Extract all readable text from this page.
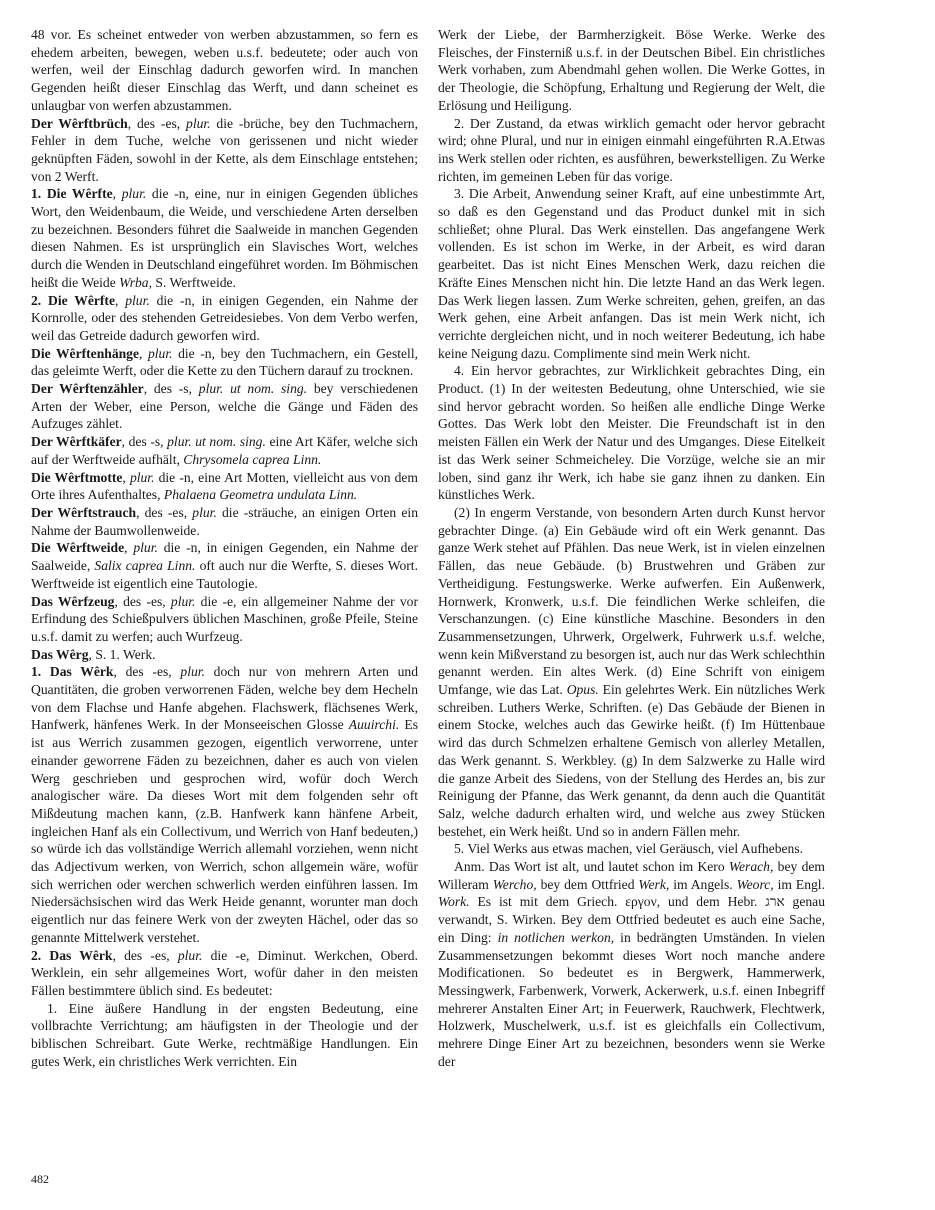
48 vor. Es scheinet entweder von werben abzustammen, so fern es ehedem arbeiten, bewegen, weben u.s.f. bedeutete; oder auch von werfen, weil der Einschlag dadurch geworfen wird. In manchen Gegenden heißt dieser Einschlag das Werft, und dann scheinet es unlaugbar von werfen abzustammen.

Der Wêrftbrüch, des -es, plur. die -brüche, bey den Tuchmachern, Fehler in dem Tuche, welche von gerissenen und nicht wieder geknüpften Fäden, sowohl in der Kette, als dem Einschlage entstehen; von 2 Werft.

1. Die Wêrfte, plur. die -n, eine, nur in einigen Gegenden übliches Wort, den Weidenbaum, die Weide, und verschiedene Arten derselben zu bezeichnen. Besonders führet die Saalweide in manchen Gegenden diesen Nahmen. Es ist ursprünglich ein Slavisches Wort, welches durch die Wenden in Deutschland eingeführet worden. Im Böhmischen heißt die Weide Wrba, S. Werftweide.

2. Die Wêrfte, plur. die -n, in einigen Gegenden, ein Nahme der Kornrolle, oder des stehenden Getreidesiebes. Von dem Verbo werfen, weil das Getreide dadurch geworfen wird.

Die Wêrftenhänge, plur. die -n, bey den Tuchmachern, ein Gestell, das geleimte Werft, oder die Kette zu den Tüchern darauf zu trocknen.

Der Wêrftenzähler, des -s, plur. ut nom. sing. bey verschiedenen Arten der Weber, eine Person, welche die Gänge und Fäden des Aufzuges zählet.

Der Wêrftkäfer, des -s, plur. ut nom. sing. eine Art Käfer, welche sich auf der Werftweide aufhält, Chrysomela caprea Linn.

Die Wêrftmotte, plur. die -n, eine Art Motten, vielleicht aus von dem Orte ihres Aufenthaltes, Phalaena Geometra undulata Linn.

Der Wêrftstrauch, des -es, plur. die -sträuche, an einigen Orten ein Nahme der Baumwollenweide.

Die Wêrftweide, plur. die -n, in einigen Gegenden, ein Nahme der Saalweide, Salix caprea Linn. oft auch nur die Werfte, S. dieses Wort. Werftweide ist eigentlich eine Tautologie.

Das Wêrfzeug, des -es, plur. die -e, ein allgemeiner Nahme der vor Erfindung des Schießpulvers üblichen Maschinen, große Pfeile, Steine u.s.f. damit zu werfen; auch Wurfzeug.

Das Wêrg, S. 1. Werk.

1. Das Wêrk, des -es, plur. doch nur von mehrern Arten und Quantitäten, die groben verworrenen Fäden, welche bey dem Hecheln von dem Flachse und Hanfe abgehen. Flachswerk, flächsenes Werk, Hanfwerk, hänfenes Werk. In der Monseeischen Glosse Auuirchi. Es ist aus Werrich zusammen gezogen, eigentlich verworrene, unter einander geworrene Fäden zu bezeichnen, daher es auch von vielen Werg geschrieben und gesprochen wird, wofür doch Werch analogischer wäre. Da dieses Wort mit dem folgenden sehr oft Mißdeutung machen kann, (z.B. Hanfwerk kann hänfene Arbeit, ingleichen Hanf als ein Collectivum, und Werrich von Hanf bedeuten,) so würde ich das vollständige Werrich allemahl vorziehen, wenn nicht das Adjectivum werken, von Werrich, schon allgemein wäre, wofür sich werrichen oder werchen schwerlich werden einführen lassen. Im Niedersächsischen wird das Werk Heide genannt, worunter man doch eigentlich nur das feinere Werk von der zweyten Hächel, oder das so genannte Mittelwerk verstehet.

2. Das Wêrk, des -es, plur. die -e, Diminut. Werkchen, Oberd. Werklein, ein sehr allgemeines Wort, wofür daher in den meisten Fällen bestimmtere üblich sind. Es bedeutet:

1. Eine äußere Handlung in der engsten Bedeutung, eine vollbrachte Verrichtung; am häufigsten in der Theologie und der biblischen Schreibart. Gute Werke, rechtmäßige Handlungen. Ein gutes Werk, ein christliches Werk verrichten. Ein

Werk der Liebe, der Barmherzigkeit. Böse Werke. Werke des Fleisches, der Finsterniß u.s.f. in der Deutschen Bibel. Ein christliches Werk vorhaben, zum Abendmahl gehen wollen. Die Werke Gottes, in der Theologie, die Schöpfung, Erhaltung und Regierung der Welt, die Erlösung und Heiligung.

2. Der Zustand, da etwas wirklich gemacht oder hervor gebracht wird; ohne Plural, und nur in einigen einmahl eingeführten R.A.Etwas ins Werk stellen oder richten, es ausführen, bewerkstelligen. Zu Werke richten, im gemeinen Leben für das vorige.

3. Die Arbeit, Anwendung seiner Kraft, auf eine unbestimmte Art, so daß es den Gegenstand und das Product dunkel mit in sich schließet; ohne Plural. Das Werk einstellen. Das angefangene Werk vollenden. Es ist schon im Werke, in der Arbeit, es wird daran gearbeitet. Das ist nicht Eines Menschen Werk, dazu reichen die Kräfte Eines Menschen nicht hin. Die letzte Hand an das Werk legen. Das Werk liegen lassen. Zum Werke schreiten, gehen, greifen, an das Werk gehen, eine Arbeit anfangen. Das ist mein Werk nicht, ich verrichte dergleichen nicht, und in noch weiterer Bedeutung, ich habe keine Neigung dazu. Complimente sind mein Werk nicht.

4. Ein hervor gebrachtes, zur Wirklichkeit gebrachtes Ding, ein Product. (1) In der weitesten Bedeutung, ohne Unterschied, wie sie sind hervor gebracht worden. So heißen alle endliche Dinge Werke Gottes. Das Werk lobt den Meister. Die Freundschaft ist in den meisten Fällen ein Werk der Natur und des Umganges. Diese Eitelkeit ist das Werk seiner Schmeicheley. Die Vorzüge, welche sie an mir loben, sind ganz ihr Werk, ich habe sie ganz ihnen zu danken. Ein künstliches Werk.

(2) In engerm Verstande, von besondern Arten durch Kunst hervor gebrachter Dinge. (a) Ein Gebäude wird oft ein Werk genannt. Das ganze Werk stehet auf Pfählen. Das neue Werk, ist in vielen einzelnen Fällen, das neue Gebäude. (b) Brustwehren und Gräben zur Vertheidigung. Festungswerke. Werke aufwerfen. Ein Außenwerk, Hornwerk, Kronwerk, u.s.f. Die feindlichen Werke schleifen, die Verschanzungen. (c) Eine künstliche Maschine. Besonders in den Zusammensetzungen, Uhrwerk, Orgelwerk, Fuhrwerk u.s.f. welche, wenn kein Mißverstand zu besorgen ist, auch nur das Werk schlechthin genannt werden. Ein altes Werk. (d) Eine Schrift von einigem Umfange, wie das Lat. Opus. Ein gelehrtes Werk. Ein nützliches Werk schreiben. Luthers Werke, Schriften. (e) Das Gebäude der Bienen in einem Stocke, welches auch das Gewirke heißt. (f) Im Hüttenbaue wird das durch Schmelzen erhaltene Gemisch von allerley Metallen, das Werk genannt. S. Werkbley. (g) In dem Salzwerke zu Halle wird die ganze Arbeit des Siedens, von der Stellung des Herdes an, bis zur Reinigung der Pfanne, das Werk genannt, da denn auch die Quantität Salz, welche dadurch erhalten wird, und welche aus zwey Stücken bestehet, ein Werk heißt. Und so in andern Fällen mehr.

5. Viel Werks aus etwas machen, viel Geräusch, viel Aufhebens.

Anm. Das Wort ist alt, und lautet schon im Kero Werach, bey dem Willeram Wercho, bey dem Ottfried Werk, im Angels. Weorc, im Engl. Work. Es ist mit dem Griech. εργον, und dem Hebr. ארג genau verwandt, S. Wirken. Bey dem Ottfried bedeutet es auch eine Sache, ein Ding: in notlichen werkon, in bedrängten Umständen. In vielen Zusammensetzungen bekommt dieses Wort noch manche andere Modificationen. So bedeutet es in Bergwerk, Hammerwerk, Messingwerk, Farbenwerk, Vorwerk, Ackerwerk, u.s.f. einen Inbegriff mehrerer Anstalten Einer Art; in Feuerwerk, Rauchwerk, Flechtwerk, Holzwerk, Muschelwerk, u.s.f. ist es gleichfalls ein Collectivum, mehrere Dinge Einer Art zu bezeichnen, besonders wenn sie Werke der

482
